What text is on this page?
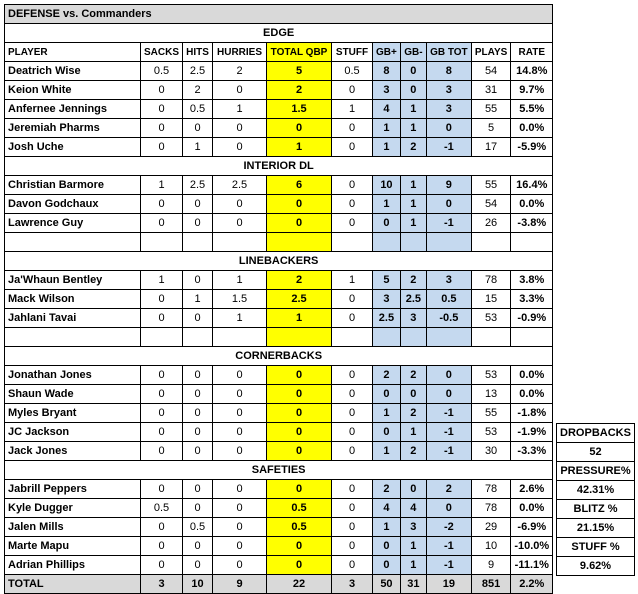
DEFENSE vs. Commanders										
EDGE										
PLAYER	SACKS	HITS	HURRIES	TOTAL QBP	STUFF	GB+	GB-	GB TOT	PLAYS	RATE
Deatrich Wise	0.5	2.5	2	5	0.5	8	0	8	54	14.8%
Keion White	0	2	0	2	0	3	0	3	31	9.7%
Anfernee Jennings	0	0.5	1	1.5	1	4	1	3	55	5.5%
Jeremiah Pharms	0	0	0	0	0	1	1	0	5	0.0%
Josh Uche	0	1	0	1	0	1	2	-1	17	-5.9%
INTERIOR DL										
Christian Barmore	1	2.5	2.5	6	0	10	1	9	55	16.4%
Davon Godchaux	0	0	0	0	0	1	1	0	54	0.0%
Lawrence Guy	0	0	0	0	0	0	1	-1	26	-3.8%

LINEBACKERS										
Ja'Whaun Bentley	1	0	1	2	1	5	2	3	78	3.8%
Mack Wilson	0	1	1.5	2.5	0	3	2.5	0.5	15	3.3%
Jahlani Tavai	0	0	1	1	0	2.5	3	-0.5	53	-0.9%

CORNERBACKS										
Jonathan Jones	0	0	0	0	0	2	2	0	53	0.0%
Shaun Wade	0	0	0	0	0	0	0	0	13	0.0%
Myles Bryant	0	0	0	0	0	1	2	-1	55	-1.8%
JC Jackson	0	0	0	0	0	0	1	-1	53	-1.9%
Jack Jones	0	0	0	0	0	1	2	-1	30	-3.3%
SAFETIES										
Jabrill Peppers	0	0	0	0	0	2	0	2	78	2.6%
Kyle Dugger	0.5	0	0	0.5	0	4	4	0	78	0.0%
Jalen Mills	0	0.5	0	0.5	0	1	3	-2	29	-6.9%
Marte Mapu	0	0	0	0	0	0	1	-1	10	-10.0%
Adrian Phillips	0	0	0	0	0	0	1	-1	9	-11.1%
TOTAL	3	10	9	22	3	50	31	19	851	2.2%
DROPBACKS
52
PRESSURE%
42.31%
BLITZ %
21.15%
STUFF %
9.62%
